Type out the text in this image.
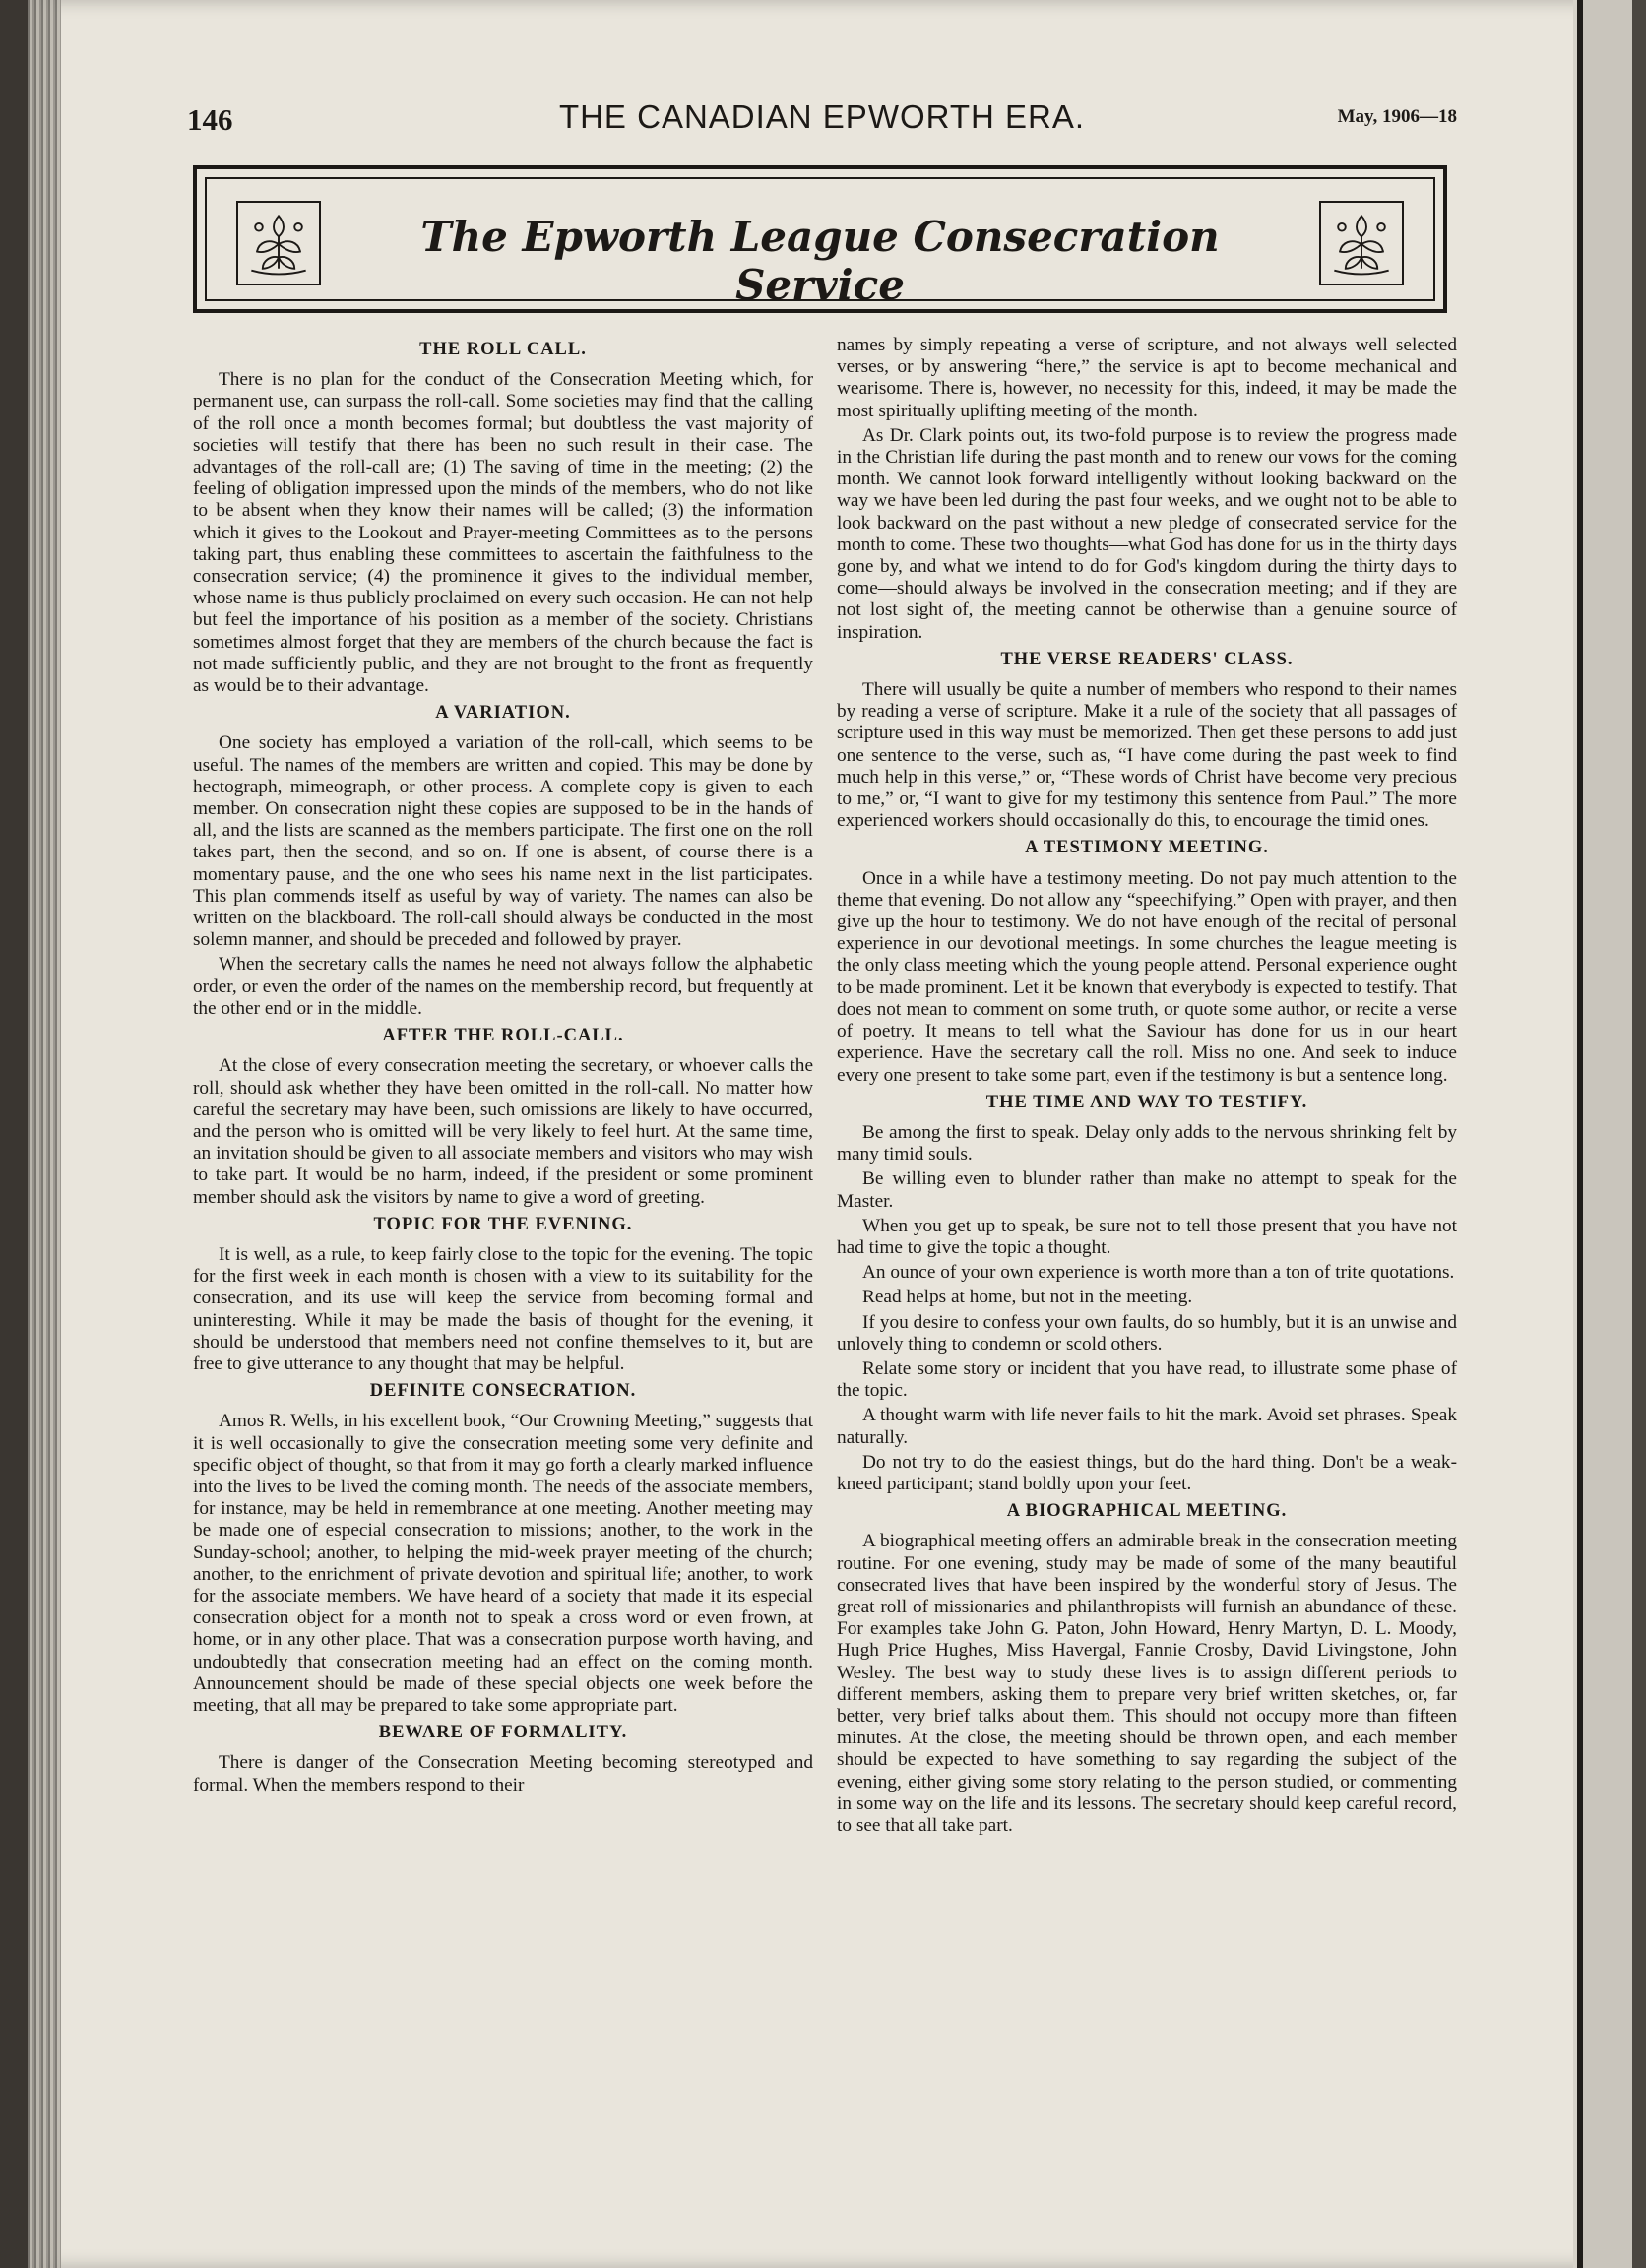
146	THE CANADIAN EPWORTH ERA.	May, 1906—18
The Epworth League Consecration Service
THE ROLL CALL.

There is no plan for the conduct of the Consecration Meeting which, for permanent use, can surpass the roll-call. Some societies may find that the calling of the roll once a month becomes formal; but doubtless the vast majority of societies will testify that there has been no such result in their case. The advantages of the roll-call are; (1) The saving of time in the meeting; (2) the feeling of obligation impressed upon the minds of the members, who do not like to be absent when they know their names will be called; (3) the information which it gives to the Lookout and Prayer-meeting Committees as to the persons taking part, thus enabling these committees to ascertain the faithfulness to the consecration service; (4) the prominence it gives to the individual member, whose name is thus publicly proclaimed on every such occasion. He can not help but feel the importance of his position as a member of the society. Christians sometimes almost forget that they are members of the church because the fact is not made sufficiently public, and they are not brought to the front as frequently as would be to their advantage.

A VARIATION.

One society has employed a variation of the roll-call, which seems to be useful. The names of the members are written and copied. This may be done by hectograph, mimeograph, or other process. A complete copy is given to each member. On consecration night these copies are supposed to be in the hands of all, and the lists are scanned as the members participate. The first one on the roll takes part, then the second, and so on. If one is absent, of course there is a momentary pause, and the one who sees his name next in the list participates. This plan commends itself as useful by way of variety. The names can also be written on the blackboard. The roll-call should always be conducted in the most solemn manner, and should be preceded and followed by prayer.

When the secretary calls the names he need not always follow the alphabetic order, or even the order of the names on the membership record, but frequently at the other end or in the middle.

AFTER THE ROLL-CALL.

At the close of every consecration meeting the secretary, or whoever calls the roll, should ask whether they have been omitted in the roll-call. No matter how careful the secretary may have been, such omissions are likely to have occurred, and the person who is omitted will be very likely to feel hurt. At the same time, an invitation should be given to all associate members and visitors who may wish to take part. It would be no harm, indeed, if the president or some prominent member should ask the visitors by name to give a word of greeting.

TOPIC FOR THE EVENING.

It is well, as a rule, to keep fairly close to the topic for the evening. The topic for the first week in each month is chosen with a view to its suitability for the consecration, and its use will keep the service from becoming formal and uninteresting. While it may be made the basis of thought for the evening, it should be understood that members need not confine themselves to it, but are free to give utterance to any thought that may be helpful.

DEFINITE CONSECRATION.

Amos R. Wells, in his excellent book, “Our Crowning Meeting,” suggests that it is well occasionally to give the consecration meeting some very definite and specific object of thought, so that from it may go forth a clearly marked influence into the lives to be lived the coming month. The needs of the associate members, for instance, may be held in remembrance at one meeting. Another meeting may be made one of especial consecration to missions; another, to the work in the Sunday-school; another, to helping the mid-week prayer meeting of the church; another, to the enrichment of private devotion and spiritual life; another, to work for the associate members. We have heard of a society that made it its especial consecration object for a month not to speak a cross word or even frown, at home, or in any other place. That was a consecration purpose worth having, and undoubtedly that consecration meeting had an effect on the coming month. Announcement should be made of these special objects one week before the meeting, that all may be prepared to take some appropriate part.

BEWARE OF FORMALITY.

There is danger of the Consecration Meeting becoming stereotyped and formal. When the members respond to their

names by simply repeating a verse of scripture, and not always well selected verses, or by answering “here,” the service is apt to become mechanical and wearisome. There is, however, no necessity for this, indeed, it may be made the most spiritually uplifting meeting of the month.

As Dr. Clark points out, its two-fold purpose is to review the progress made in the Christian life during the past month and to renew our vows for the coming month. We cannot look forward intelligently without looking backward on the way we have been led during the past four weeks, and we ought not to be able to look backward on the past without a new pledge of consecrated service for the month to come. These two thoughts—what God has done for us in the thirty days gone by, and what we intend to do for God's kingdom during the thirty days to come—should always be involved in the consecration meeting; and if they are not lost sight of, the meeting cannot be otherwise than a genuine source of inspiration.

THE VERSE READERS' CLASS.

There will usually be quite a number of members who respond to their names by reading a verse of scripture. Make it a rule of the society that all passages of scripture used in this way must be memorized. Then get these persons to add just one sentence to the verse, such as, “I have come during the past week to find much help in this verse,” or, “These words of Christ have become very precious to me,” or, “I want to give for my testimony this sentence from Paul.” The more experienced workers should occasionally do this, to encourage the timid ones.

A TESTIMONY MEETING.

Once in a while have a testimony meeting. Do not pay much attention to the theme that evening. Do not allow any “speechifying.” Open with prayer, and then give up the hour to testimony. We do not have enough of the recital of personal experience in our devotional meetings. In some churches the league meeting is the only class meeting which the young people attend. Personal experience ought to be made prominent. Let it be known that everybody is expected to testify. That does not mean to comment on some truth, or quote some author, or recite a verse of poetry. It means to tell what the Saviour has done for us in our heart experience. Have the secretary call the roll. Miss no one. And seek to induce every one present to take some part, even if the testimony is but a sentence long.

THE TIME AND WAY TO TESTIFY.

Be among the first to speak. Delay only adds to the nervous shrinking felt by many timid souls.

Be willing even to blunder rather than make no attempt to speak for the Master.

When you get up to speak, be sure not to tell those present that you have not had time to give the topic a thought.

An ounce of your own experience is worth more than a ton of trite quotations.

Read helps at home, but not in the meeting.

If you desire to confess your own faults, do so humbly, but it is an unwise and unlovely thing to condemn or scold others.

Relate some story or incident that you have read, to illustrate some phase of the topic.

A thought warm with life never fails to hit the mark. Avoid set phrases. Speak naturally.

Do not try to do the easiest things, but do the hard thing. Don't be a weak-kneed participant; stand boldly upon your feet.

A BIOGRAPHICAL MEETING.

A biographical meeting offers an admirable break in the consecration meeting routine. For one evening, study may be made of some of the many beautiful consecrated lives that have been inspired by the wonderful story of Jesus. The great roll of missionaries and philanthropists will furnish an abundance of these. For examples take John G. Paton, John Howard, Henry Martyn, D. L. Moody, Hugh Price Hughes, Miss Havergal, Fannie Crosby, David Livingstone, John Wesley. The best way to study these lives is to assign different periods to different members, asking them to prepare very brief written sketches, or, far better, very brief talks about them. This should not occupy more than fifteen minutes. At the close, the meeting should be thrown open, and each member should be expected to have something to say regarding the subject of the evening, either giving some story relating to the person studied, or commenting in some way on the life and its lessons. The secretary should keep careful record, to see that all take part.
